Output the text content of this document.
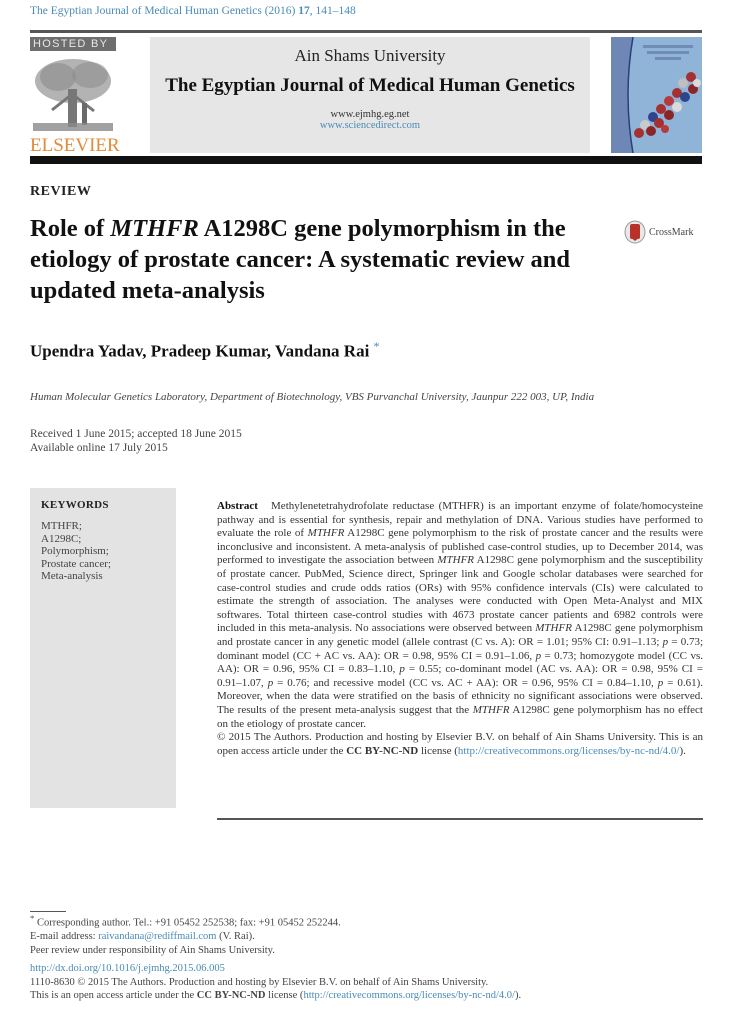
The Egyptian Journal of Medical Human Genetics (2016) 17, 141–148
HOSTED BY
ELSEVIER
Ain Shams University
The Egyptian Journal of Medical Human Genetics
www.ejmhg.eg.net
www.sciencedirect.com
REVIEW
Role of MTHFR A1298C gene polymorphism in the etiology of prostate cancer: A systematic review and updated meta-analysis
CrossMark
Upendra Yadav, Pradeep Kumar, Vandana Rai *
Human Molecular Genetics Laboratory, Department of Biotechnology, VBS Purvanchal University, Jaunpur 222 003, UP, India
Received 1 June 2015; accepted 18 June 2015
Available online 17 July 2015
KEYWORDS
MTHFR;
A1298C;
Polymorphism;
Prostate cancer;
Meta-analysis
Abstract Methylenetetrahydrofolate reductase (MTHFR) is an important enzyme of folate/homocysteine pathway and is essential for synthesis, repair and methylation of DNA. Various studies have performed to evaluate the role of MTHFR A1298C gene polymorphism to the risk of prostate cancer and the results were inconclusive and inconsistent. A meta-analysis of published case-control studies, up to December 2014, was performed to investigate the association between MTHFR A1298C gene polymorphism and the susceptibility of prostate cancer. PubMed, Science direct, Springer link and Google scholar databases were searched for case-control studies and crude odds ratios (ORs) with 95% confidence intervals (CIs) were calculated to estimate the strength of association. The analyses were conducted with Open Meta-Analyst and MIX softwares. Total thirteen case-control studies with 4673 prostate cancer patients and 6982 controls were included in this meta-analysis. No associations were observed between MTHFR A1298C gene polymorphism and prostate cancer in any genetic model (allele contrast (C vs. A): OR = 1.01; 95% CI: 0.91–1.13; p = 0.73; dominant model (CC + AC vs. AA): OR = 0.98, 95% CI = 0.91–1.06, p = 0.73; homozygote model (CC vs. AA): OR = 0.96, 95% CI = 0.83–1.10, p = 0.55; co-dominant model (AC vs. AA): OR = 0.98, 95% CI = 0.91–1.07, p = 0.76; and recessive model (CC vs. AC + AA): OR = 0.96, 95% CI = 0.84–1.10, p = 0.61). Moreover, when the data were stratified on the basis of ethnicity no significant associations were observed. The results of the present meta-analysis suggest that the MTHFR A1298C gene polymorphism has no effect on the etiology of prostate cancer.
© 2015 The Authors. Production and hosting by Elsevier B.V. on behalf of Ain Shams University. This is an open access article under the CC BY-NC-ND license (http://creativecommons.org/licenses/by-nc-nd/4.0/).
* Corresponding author. Tel.: +91 05452 252538; fax: +91 05452 252244.
E-mail address: raivandana@rediffmail.com (V. Rai).
Peer review under responsibility of Ain Shams University.
http://dx.doi.org/10.1016/j.ejmhg.2015.06.005
1110-8630 © 2015 The Authors. Production and hosting by Elsevier B.V. on behalf of Ain Shams University.
This is an open access article under the CC BY-NC-ND license (http://creativecommons.org/licenses/by-nc-nd/4.0/).
